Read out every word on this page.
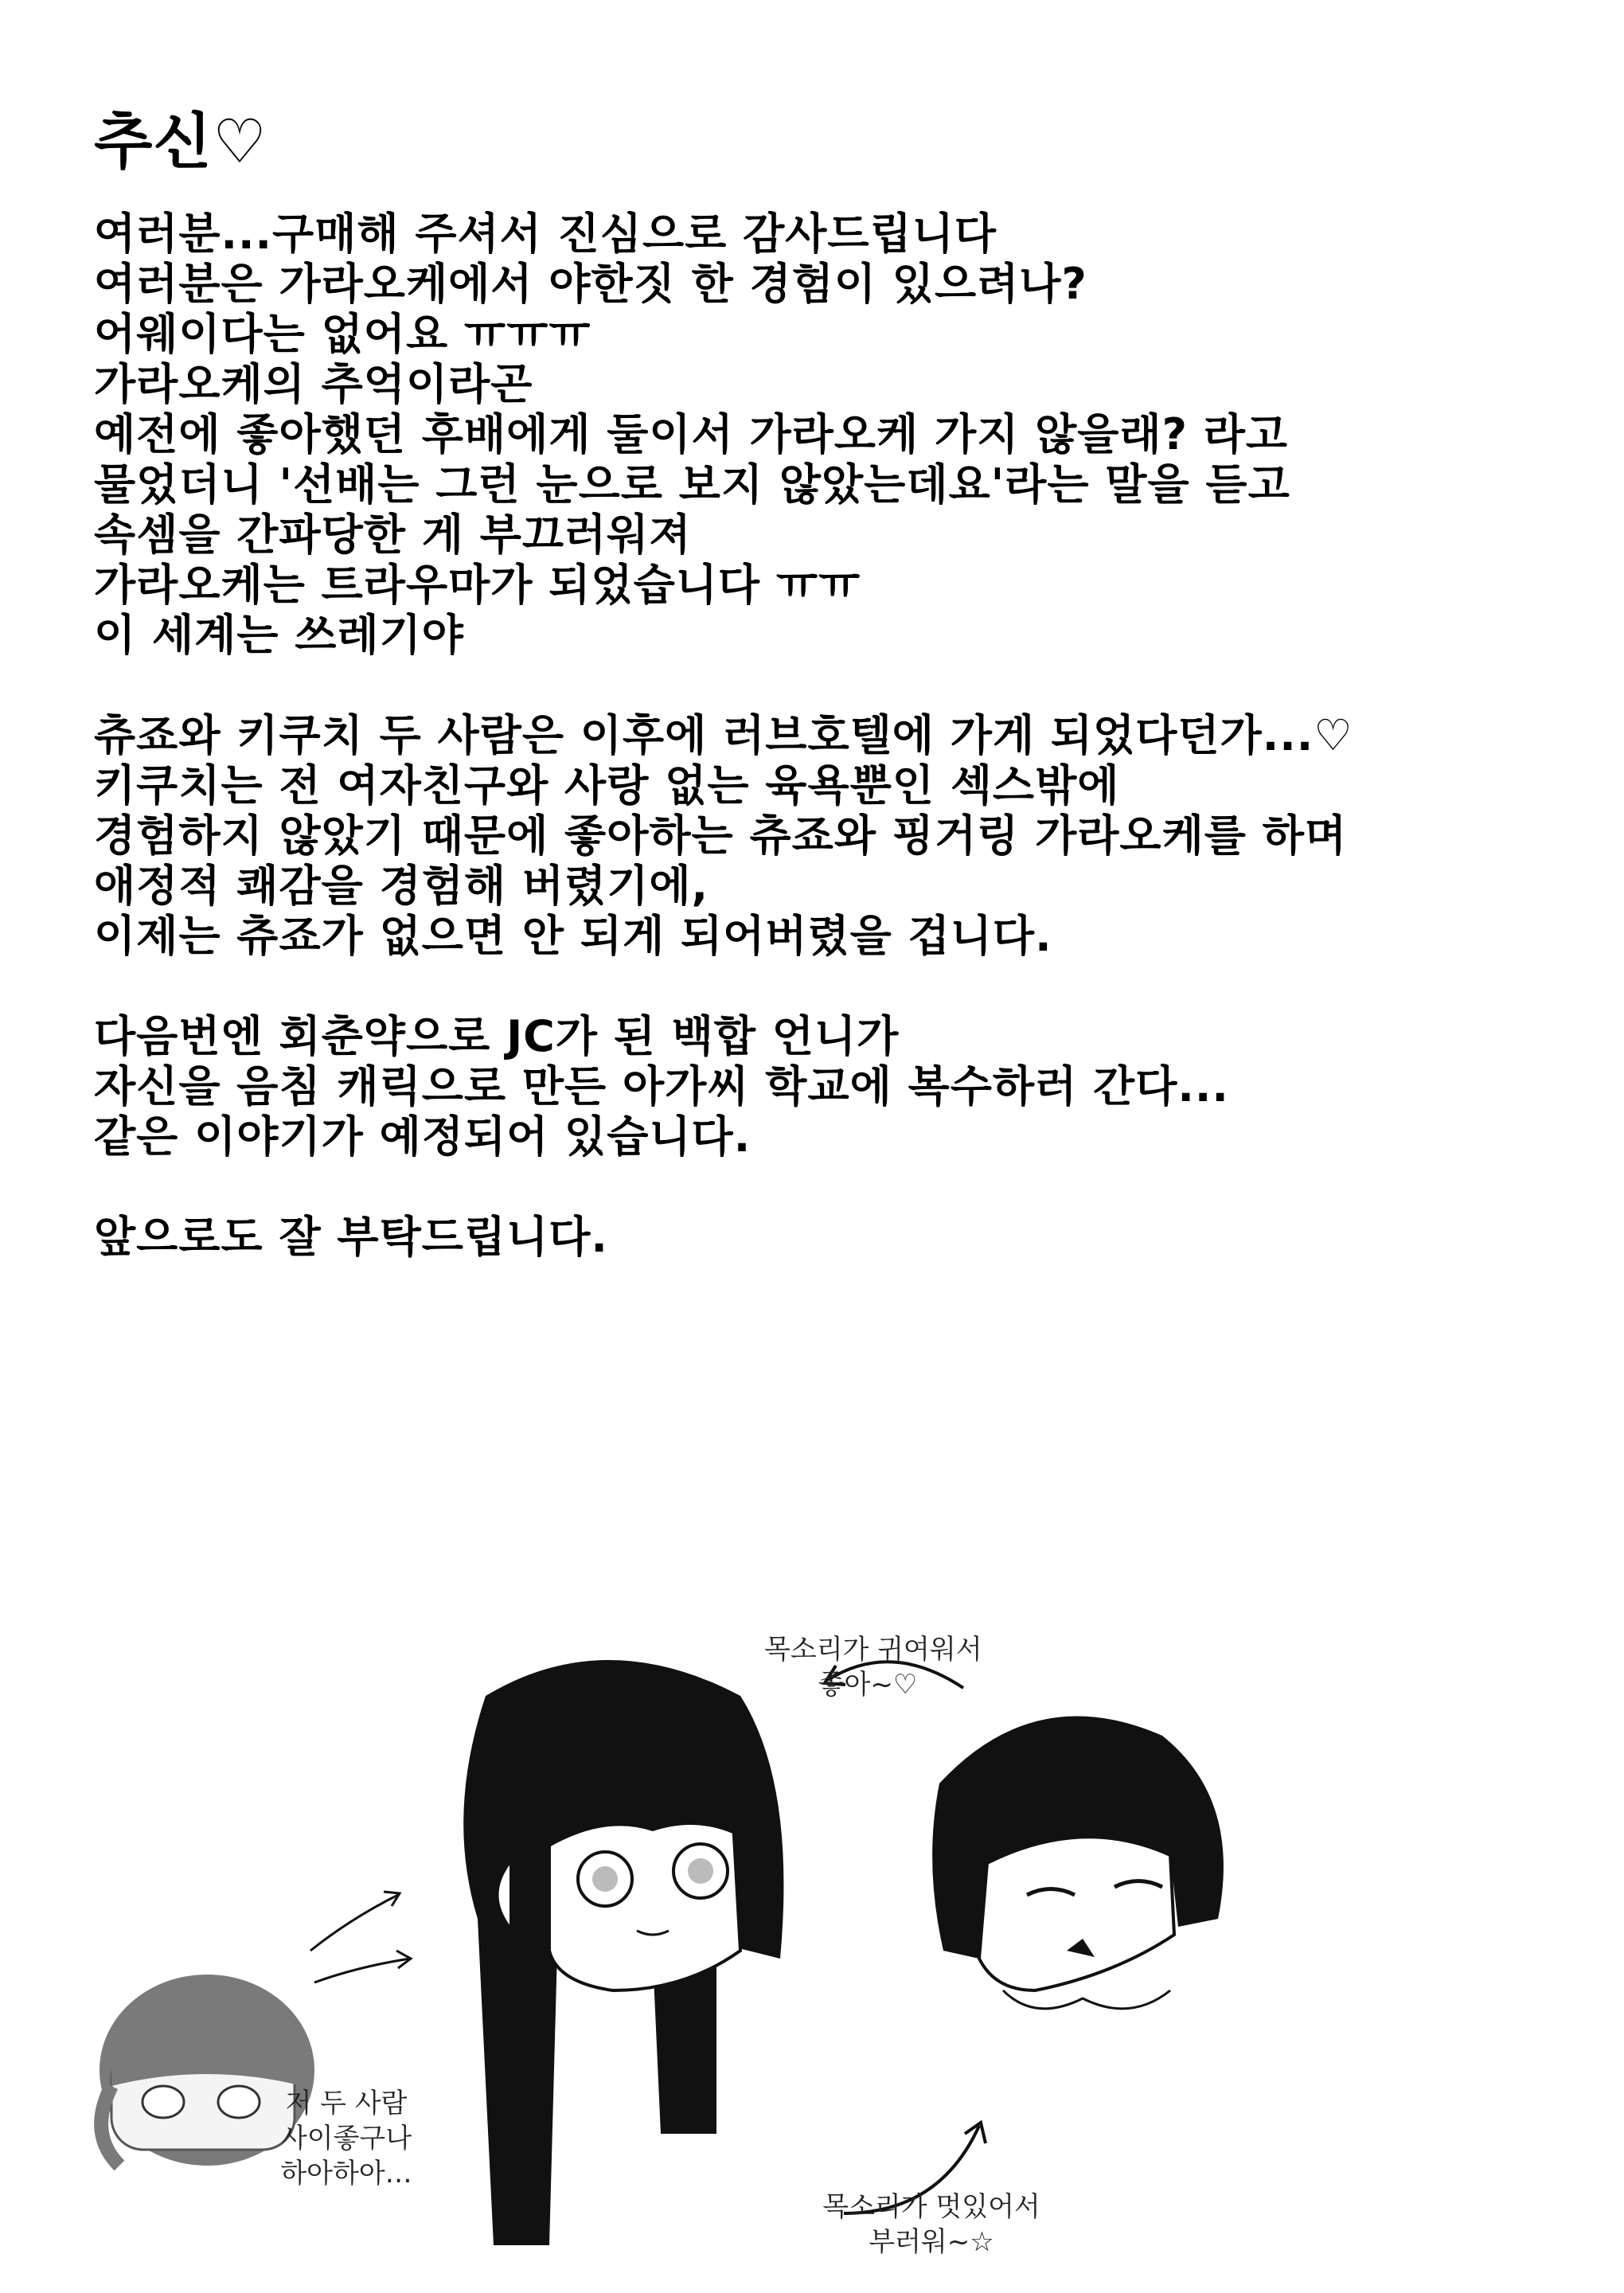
추신♡
여러분...구매해 주셔서 진심으로 감사드립니다
여러분은 가라오케에서 야한짓 한 경험이 있으려나?
어웨이다는 없어요 ㅠㅠㅠ
가라오케의 추억이라곤
예전에 좋아했던 후배에게 둘이서 가라오케 가지 않을래? 라고
물었더니 '선배는 그런 눈으로 보지 않았는데요'라는 말을 듣고
속셈을 간파당한 게 부끄러워져
가라오케는 트라우마가 되었습니다 ㅠㅠ
이 세계는 쓰레기야
츄죠와 키쿠치 두 사람은 이후에 러브호텔에 가게 되었다던가...♡
키쿠치는 전 여자친구와 사랑 없는 육욕뿐인 섹스밖에
경험하지 않았기 때문에 좋아하는 츄죠와 핑거링 가라오케를 하며
애정적 쾌감을 경험해 버렸기에,
이제는 츄죠가 없으면 안 되게 되어버렸을 겁니다.
다음번엔 회춘약으로 JC가 된 백합 언니가
자신을 음침 캐릭으로 만든 아가씨 학교에 복수하러 간다...
같은 이야기가 예정되어 있습니다.
앞으로도 잘 부탁드립니다.
목소리가 귀여워서
좋아~♡
저 두 사람
사이좋구나
하아하아…
목소리가 멋있어서
부러워~☆
